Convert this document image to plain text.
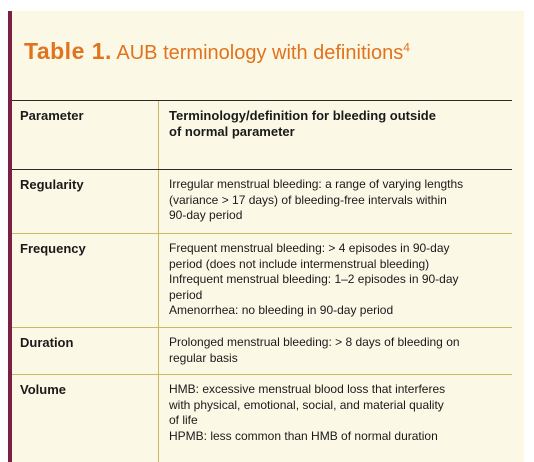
Table 1. AUB terminology with definitions$^4$
Parameter	Terminology/definition for bleeding outside
of normal parameter
Regularity	Irregular menstrual bleeding: a range of varying lengths
(variance > 17 days) of bleeding-free intervals within
90-day period
Frequency	Frequent menstrual bleeding: > 4 episodes in 90-day
period (does not include intermenstrual bleeding)
Infrequent menstrual bleeding: 1–2 episodes in 90-day
period
Amenorrhea: no bleeding in 90-day period
Duration	Prolonged menstrual bleeding: > 8 days of bleeding on
regular basis
Volume	HMB: excessive menstrual blood loss that interferes
with physical, emotional, social, and material quality
of life
HPMB: less common than HMB of normal duration
